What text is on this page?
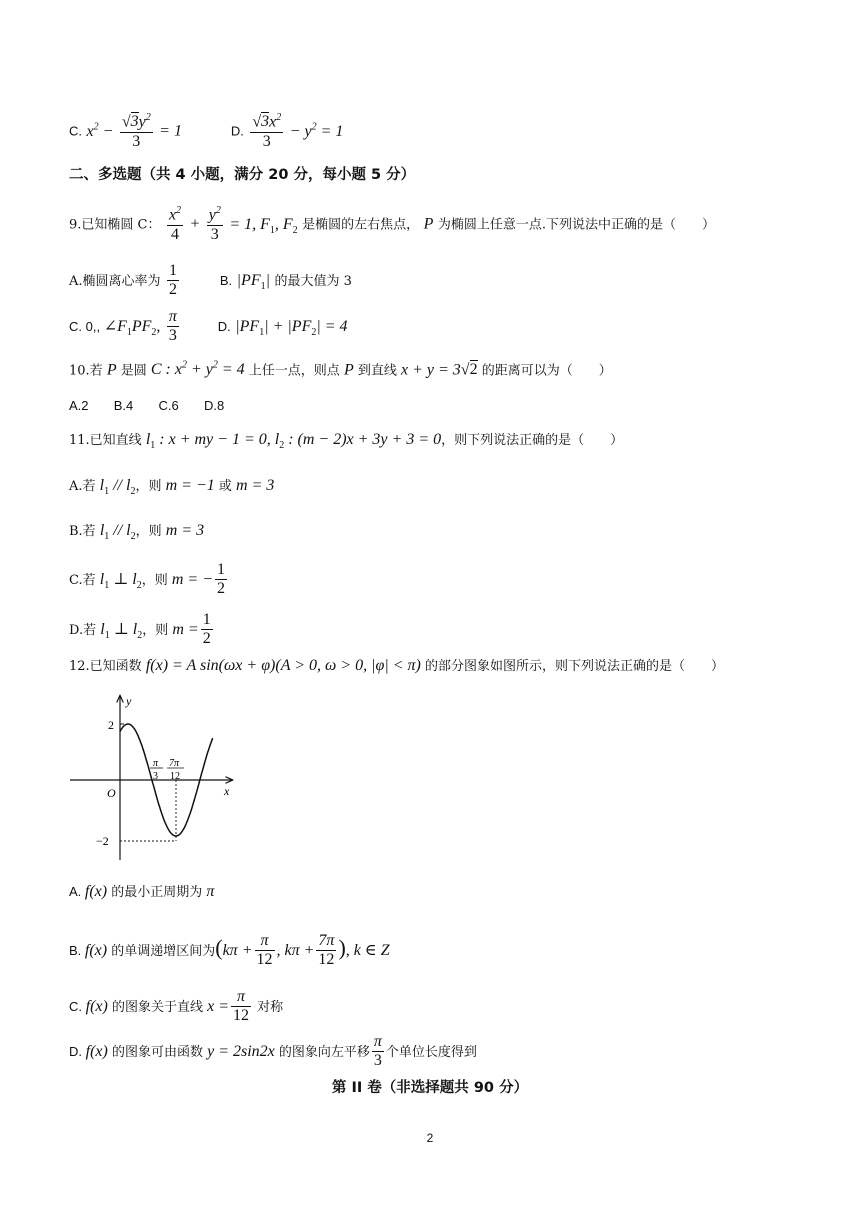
C. $x^2 - \frac{√3y^2}{3} = 1$	D. $\frac{√3x^2}{3} - y^2 = 1$
二、多选题（共 4 小题，满分 20 分，每小题 5 分）
9.已知椭圆 C： $\frac{x^2}{4} + \frac{y^2}{3} = 1$, $F_1$, $F_2$ 是椭圆的左右焦点， P 为椭圆上任意一点.下列说法中正确的是（　　）
A.椭圆离心率为 $\frac{1}{2}$	B. $|PF_1|$ 的最大值为 3
C. 0,, $\angle F_1PF_2$, $\frac{\pi}{3}$	D. $|PF_1| + |PF_2| = 4$
10.若 P 是圆 C : $x^2 + y^2 = 4$ 上任一点，则点 P 到直线 x + y = 3√2 的距离可以为（　　）
A.2 B.4 C.6 D.8
11.已知直线 $l_1$ : x + my − 1 = 0, $l_2$ : (m − 2)x + 3y + 3 = 0，则下列说法正确的是（　　）
A.若 $l_1 // l_2$，则 m = −1 或 m = 3
B.若 $l_1 // l_2$，则 m = 3
C.若 $l_1$ ⊥ $l_2$，则 m = − $\frac{1}{2}$
D.若 $l_1$ ⊥ $l_2$，则 $m = \frac{1}{2}$
12.已知函数 f(x) = A sin(ωx + φ)(A > 0, ω > 0, |φ| < π) 的部分图象如图所示，则下列说法正确的是（　　）
y
x
O
2
−2
π
3
7π
12
A. f(x) 的最小正周期为 π
B. f(x) 的单调递增区间为($k\pi + \frac{\pi}{12}$ , $k\pi + \frac{7\pi}{12}$ ), k ∈ Z
C. f(x) 的图象关于直线 $x = \frac{\pi}{12}$ 对称
D. f(x) 的图象可由函数 y = 2sin2x 的图象向左平移 $\frac{\pi}{3}$ 个单位长度得到
第 II 卷（非选择题共 90 分）
2
